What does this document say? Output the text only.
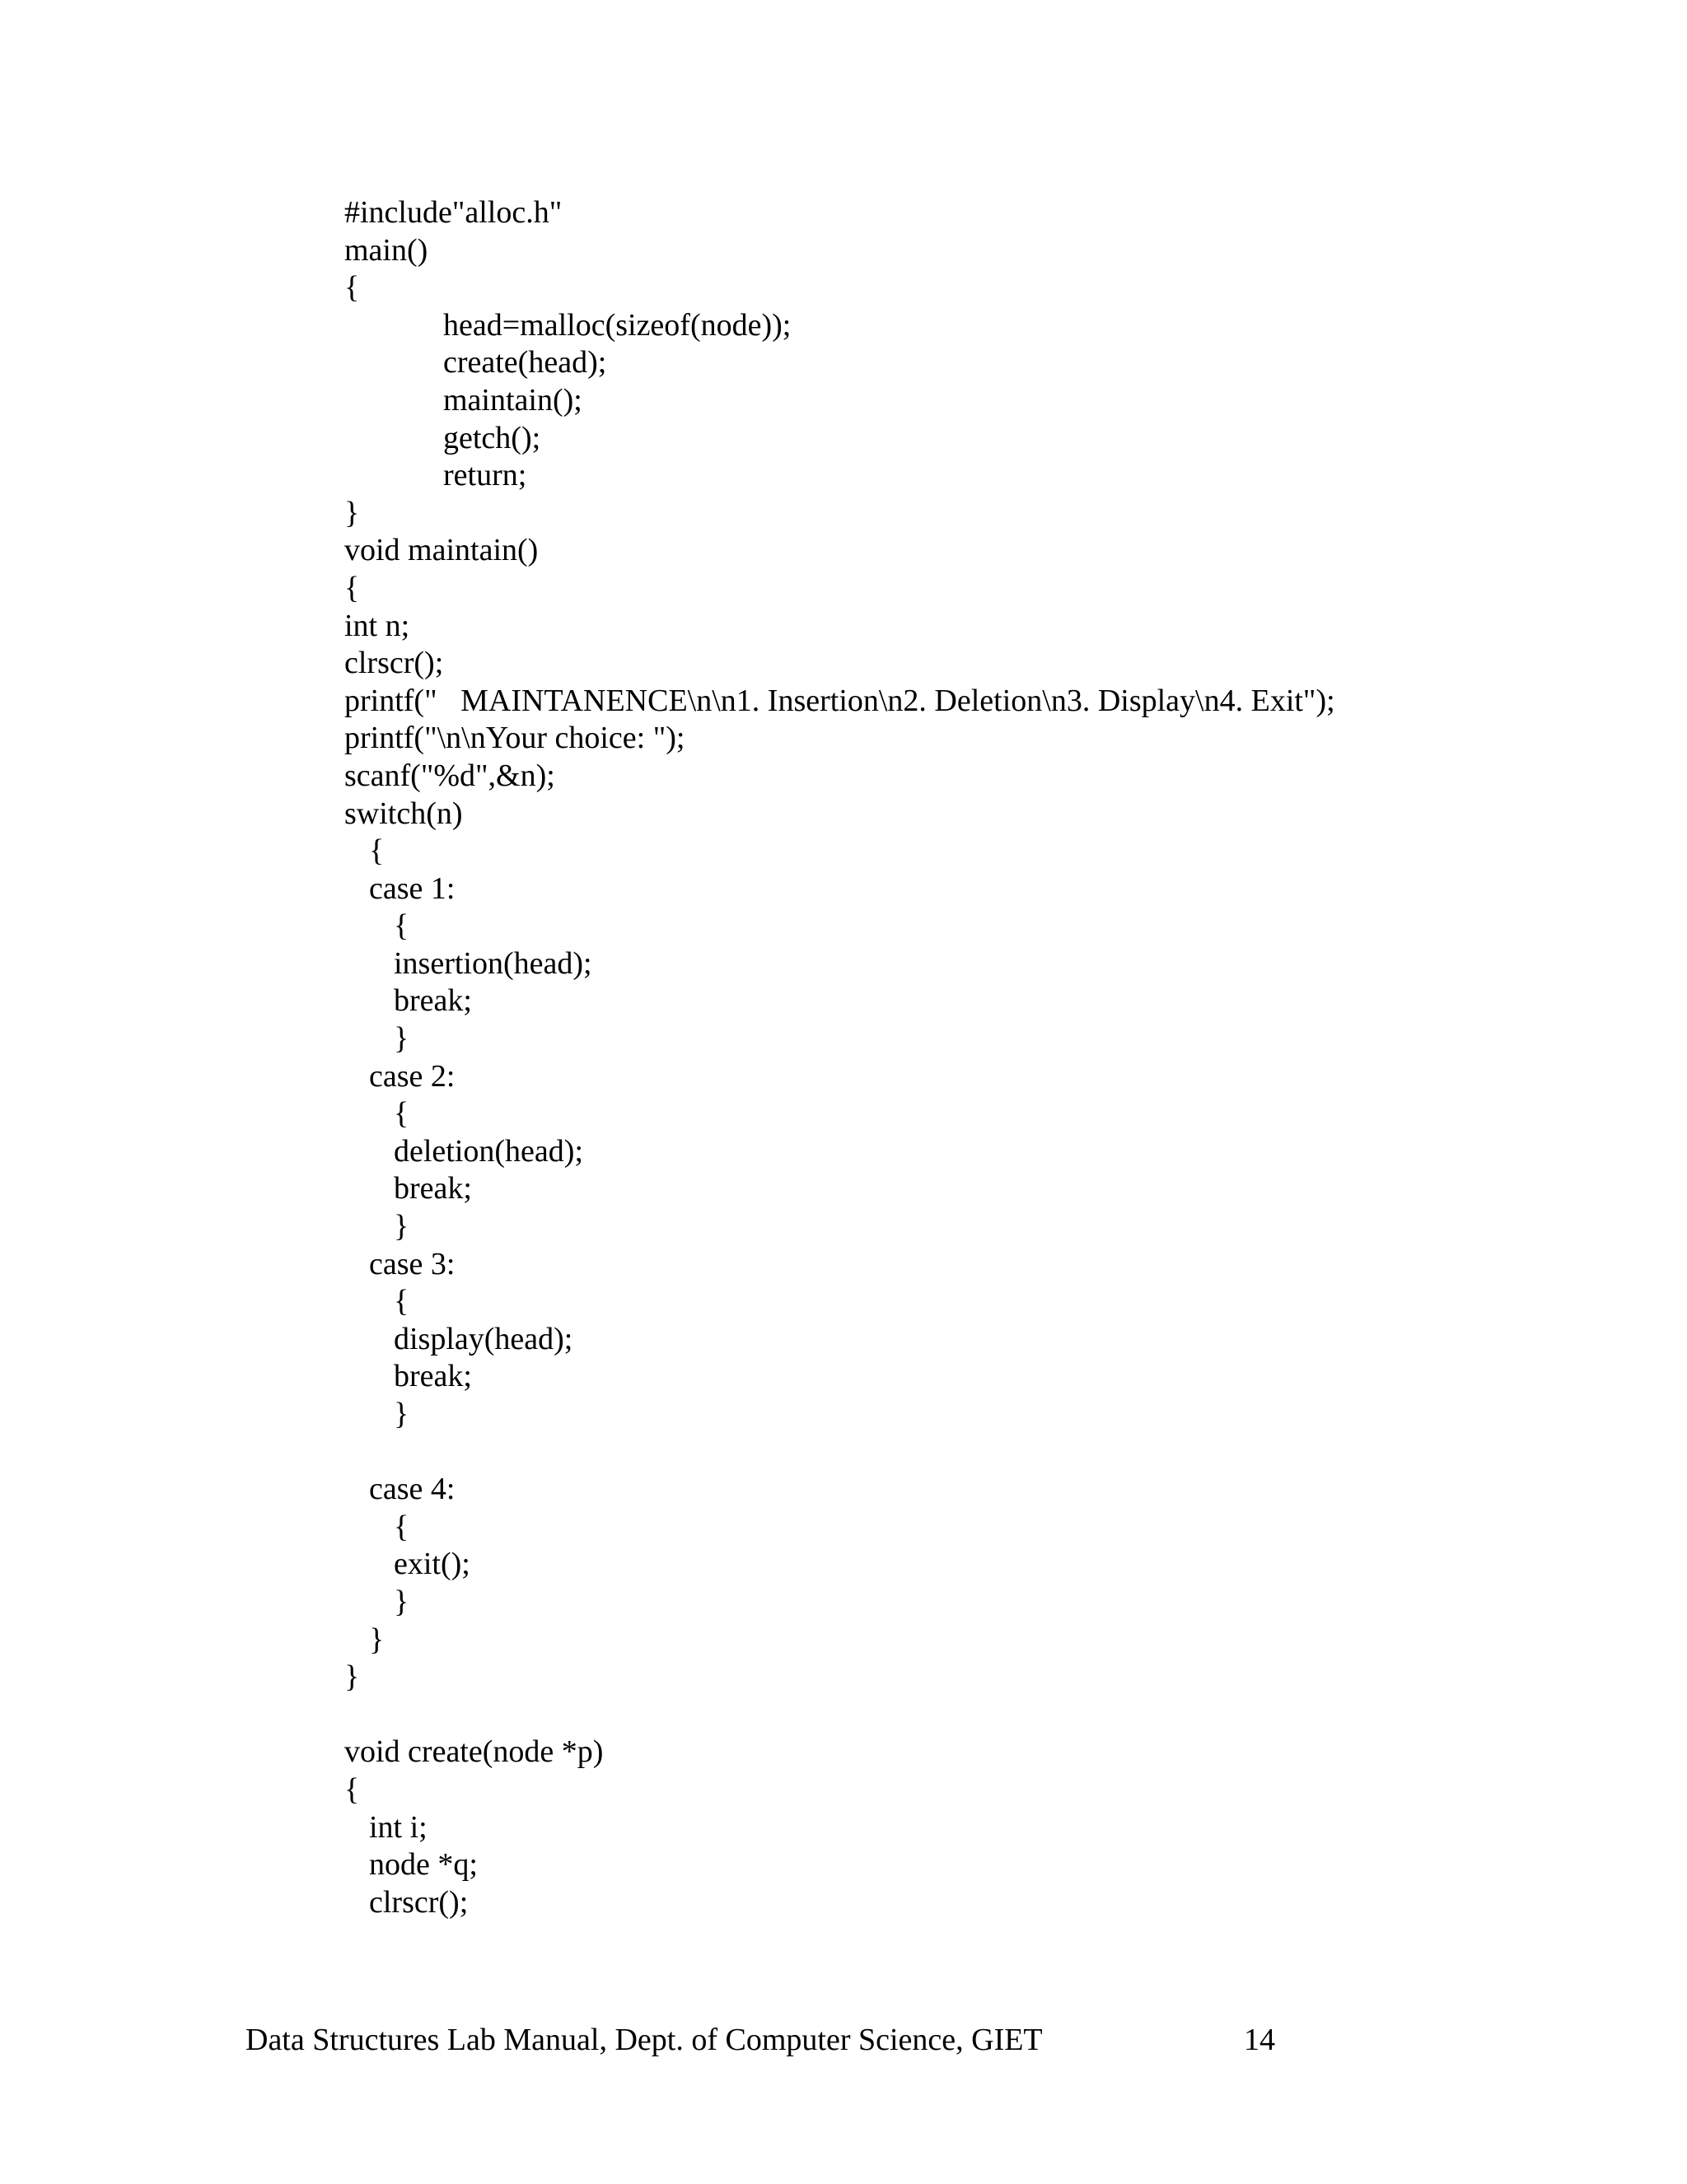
#include"alloc.h"
main()
{
head=malloc(sizeof(node));
create(head);
maintain();
getch();
return;
}
void maintain()
{
int n;
clrscr();
printf("   MAINTANENCE\n\n1. Insertion\n2. Deletion\n3. Display\n4. Exit");
printf("\n\nYour choice: ");
scanf("%d",&n);
switch(n)
{
case 1:
{
insertion(head);
break;
}
case 2:
{
deletion(head);
break;
}
case 3:
{
display(head);
break;
}
case 4:
{
exit();
}
}
}
void create(node *p)
{
int i;
node *q;
clrscr();

Data Structures Lab Manual, Dept. of Computer Science, GIET

	14
